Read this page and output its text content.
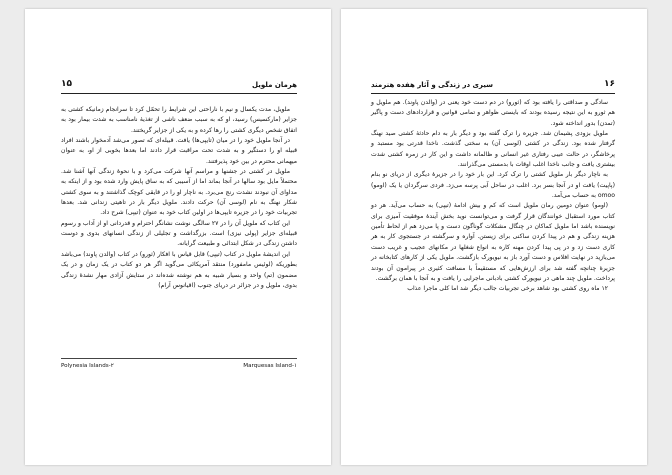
۱۵	هرمان ملویل

ملویل، مدت یکسال و نیم با ناراحتی این شرایط را تحمّل کرد تا سرانجام زمانیکه کشتی به جزایر (مارکسیس) رسید، او که به سبب ضعف ناشی از تغذیهٔ نامناسب به شدت بیمار بود به اتفاق شخص دیگری کشتی را رها کرده و به یکی از جزایر گریختند.

در آنجا ملویل خود را در میان (تایپی‌ها) یافت. قبیله‌ای که تصور می‌شد آدمخوار باشند افراد قبیله او را دستگیر و به شدت تحت مراقبت قرار دادند اما بعدها بخوبی از او، به عنوان میهمانی محترم در بین خود پذیرفتند.

ملویل در کشتی در جشنها و مراسم آنها شرکت می‌کرد و با نحوهٔ زندگی آنها آشنا شد. محتملاً مایل بود سالها در آنجا بماند اما از آسیبی که به ساق پایش وارد شده بود و از اینکه به مداوای آن نبودند نشدت رنج می‌برد. به ناچار او را در قایقی کوچک گذاشتند و به سوی کشتی شکار نهنگ به نام (لوسی آن) حرکت دادند. ملویل دیگر بار در تاهیتی زندانی شد. بعدها تجربیات خود را در جزیره تایپی‌ها در اولین کتاب خود به عنوان (تیپی) شرح داد.

این کتاب که ملویل آن را در ۲۷ سالگی نوشت نشانگر احترام و قدردانی او از آداب و رسوم قبیله‌ای جزایر (پولی نیزی) است. بزرگداشت و تجلیلی از زندگی انسانهای بدوی و دوست داشتن زندگی در شکل ابتدائی و طبیعت گرایانه.

این اندیشهٔ ملویل در کتاب (تیپی) قابل قیاس با افکار (ثورو) در کتاب (والدن پاوند) می‌باشد بطوریکه (لوئیس مامفورد) منتقد آمریکائی می‌گوید اگر هر دو کتاب در یک زمان و در یک مضمون (تم) واحد و بسیار شبیه به هم نوشته شده‌اند در ستایش آزادی مهار نشدهٔ زندگی بدوی، ملویل و در جزائر در دریای جنوب (اقیانوس آرام)

Marquesas Island-۱
Polynesia Islands-۲
۱۶
سیری در زندگی و آثار هفده هنرمند

سادگی و صداقتی را یافته بود که (ثورو) در دم دست خود یعنی در (والدن پاوند). هم ملویل و هم ثورو به این نتیجه رسیده بودند که بایستی ظواهر و تمامی قوانین و قراردادهای دست و پاگیر (تمدن) بدور انداخته شود.

ملویل بزودی پشیمان شد. جزیره را ترک گفته بود و دیگر بار به دام حادثهٔ کشتی صید نهنگ گرفتار شده بود. زندگی در کشتی (لوسی آن) به سختی گذشت. ناخدا قدرتی بود مستبد و پرخاشگر، در حالت عیبی رفتاری غیر انسانی و ظالمانه داشت و این کار در زمره کشتی شدت بیشتری یافت و جانب ناخدا اغلب اوقات با بدمستی می‌گذرانند.

به ناچار دیگر بار ملویل کشتی را ترک کرد. این بار خود را در جزیرهٔ دیگری از دریای نو بنام (پاپیت) یافت او در آنجا بسر برد. اغلب در ساحل آبی پرسه می‌زد. فردی سرگردان یا یک (اومو) omoo به حساب می‌آمد.

(اومو) عنوان دومین رمان ملویل است که کم و بیش ادامهٔ (تیپی) به حساب می‌آید. هر دو کتاب مورد استقبال خوانندگان قرار گرفت و می‌توانست نوید بخش آیندهٔ موفقیت آمیزی برای نویسنده باشد اما ملویل کماکان در چنگال مشکلات گوناگون دست و پا می‌زد هم از لحاظ تأمین هزینه زندگی و هم در پیدا کردن ساکنی برای زیستن. آواره و سرگشته در جستجوی کار به هر کاری دست زد و در پی پیدا کردن مهنه کاره به انواع شغلها در مکانهای عجیب و غریب دست می‌یازید در نهایت افلاس و دست آورد باز به نیویورک بازگشت. ملویل یکی از کارهای کتابخانه در جزیرهٔ چنانچه گفته شد برای ارزش‌هایی که مستقیماً با مسافت کثیری در پیرامون آن بودند پرداخت. ملویل چند ماهی در نیویورک کشتی بادبانی ماجرایی را یافت و به آنجا با همان برگشت.

۱۲ ماه روی کشتی بود شاهد برخی تجربیات جالب دیگر شد اما کلی ماجرا عذاب
